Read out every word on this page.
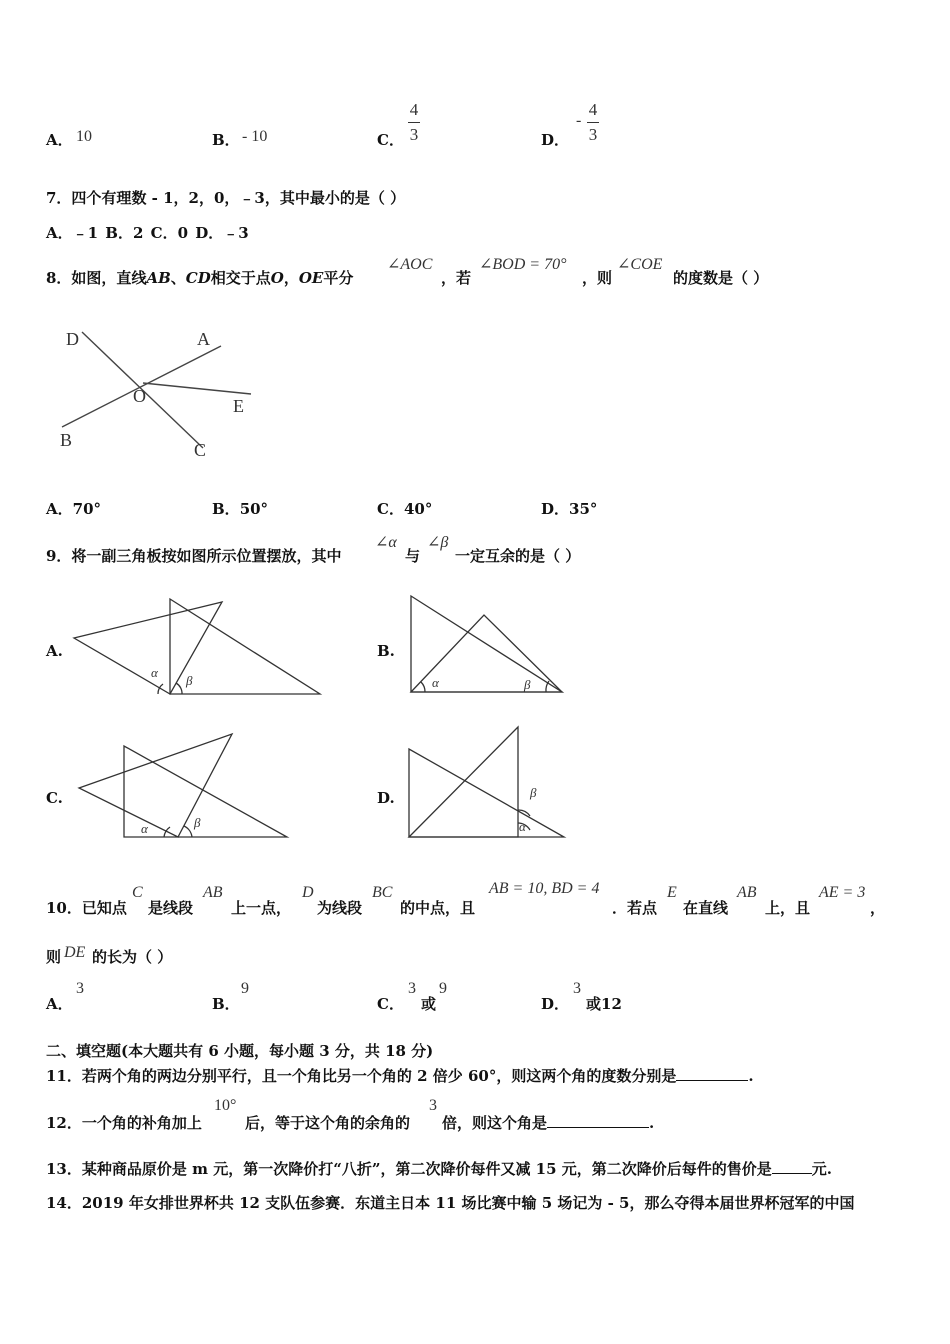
A． 10	B． - 10	C．
4
3	D．
-
4
3
7．四个有理数 - 1，2，0，﹣3，其中最小的是（ ）
A．﹣1 B．2 C．0 D．﹣3
8．如图，直线AB、CD相交于点O，OE平分
∠AOC
，若
∠BOD = 70°
，则
∠COE
的度数是（ ）
D	A
O	E
B	C
A．70°	B．50°	C．40°	D．35°
9．将一副三角板按如图所示位置摆放，其中
∠α
与
∠β
一定互余的是（ ）
A.	B.
C.	D.
α
β	α	β
α	β	α
β
10．已知点
C
是线段
AB
上一点，
D
为线段
BC
的中点，且
AB = 10, BD = 4
．若点
E
在直线
AB
上，且
AE = 3
，
则 DE 的长为（ ）
A．
3
B．
9
C．
3
或
9
D．
3
或12
二、填空题(本大题共有 6 小题，每小题 3 分，共 18 分)
11．若两个角的两边分别平行，且一个角比另一个角的 2 倍少 60°，则这两个角的度数分别是	.
12．一个角的补角加上
10°
后，等于这个角的余角的
3
倍，则这个角是	.
13．某种商品原价是 m 元，第一次降价打“八折”，第二次降价每件又减 15 元，第二次降价后每件的售价是	元.
14．2019 年女排世界杯共 12 支队伍参赛．东道主日本 11 场比赛中输 5 场记为 - 5，那么夺得本届世界杯冠军的中国
